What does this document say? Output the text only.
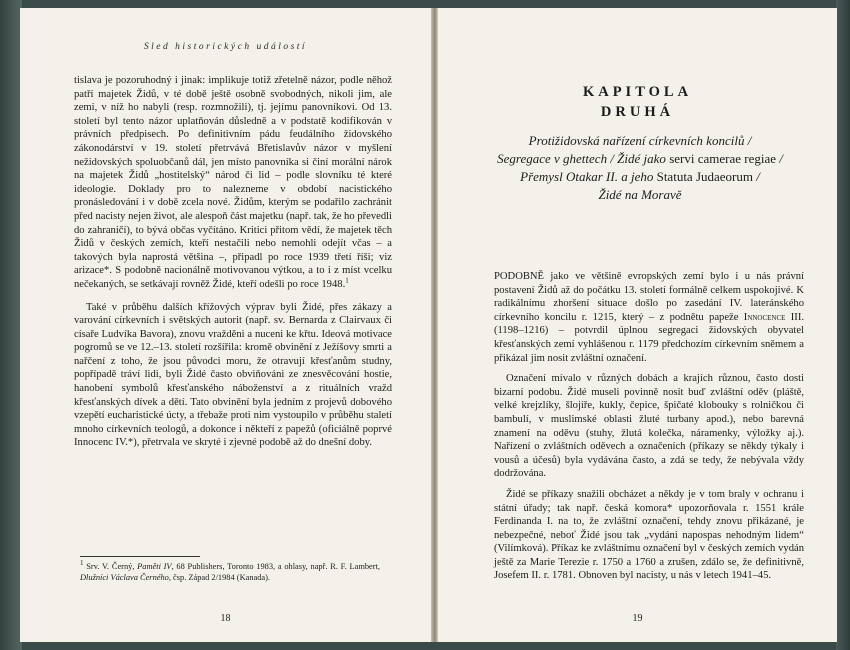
Sled historických událostí

tislava je pozoruhodný i jinak: implikuje totiž zřetelně názor, podle něhož patří majetek Židů, v té době ještě osobně svobodných, nikoli jim, ale zemi, v níž ho nabyli (resp. rozmnožili), tj. jejímu panovníkovi. Od 13. století byl tento názor uplatňován důsledně a v podstatě kodifikován v právních předpisech. Po definitivním pádu feudálního židovského zákonodárství v 19. století přetrvává Břetislavův názor v myšlení nežidovských spoluobčanů dál, jen místo panovníka si činí morální nárok na majetek Židů „hostitelský“ národ či lid – podle slovníku té které ideologie. Doklady pro to nalezneme v období nacistického pronásledování i v době zcela nové. Židům, kterým se podařilo zachránit před nacisty nejen život, ale alespoň část majetku (např. tak, že ho převedli do zahraničí), to bývá občas vyčítáno. Kritici přitom vědí, že majetek těch Židů v českých zemích, kteří nestačili nebo nemohli odejít včas – a takových byla naprostá většina –, připadl po roce 1939 třetí říši; viz arizace*. S podobně nacionálně motivovanou výtkou, a to i z míst vcelku nečekaných, se setkávají rovněž Židé, kteří odešli po roce 1948.$^1$

Také v průběhu dalších křížových výprav byli Židé, přes zákazy a varování církevních i světských autorit (např. sv. Bernarda z Clairvaux či císaře Ludvíka Bavora), znovu vražděni a nuceni ke křtu. Ideová motivace pogromů se ve 12.–13. století rozšířila: kromě obvinění z Ježíšovy smrti a nařčení z toho, že jsou původci moru, že otravují křesťanům studny, popřípadě tráví lidi, byli Židé často obviňováni ze znesvěcování hostie, hanobení symbolů křesťanského náboženství a z rituálních vražd křesťanských dívek a dětí. Tato obvinění byla jedním z projevů dobového vzepětí eucharistické úcty, a třebaže proti nim vystoupilo v průběhu staletí mnoho církevních teologů, a dokonce i někteří z papežů (oficiálně poprvé Innocenc IV.*), přetrvala ve skryté i zjevné podobě až do dnešní doby.

$^1$ Srv. V. Černý, Paměti IV, 68 Publishers, Toronto 1983, a ohlasy, např. R. F. Lambert, Dlužníci Václava Černého, čsp. Západ 2/1984 (Kanada).
18
KAPITOLA
DRUHÁ
Protižidovská nařízení církevních koncilů /
Segregace v ghettech / Židé jako servi camerae regiae /
Přemysl Otakar II. a jeho Statuta Judaeorum /
Židé na Moravě

PODOBNĚ jako ve většině evropských zemí bylo i u nás právní postavení Židů až do počátku 13. století formálně celkem uspokojivé. K radikálnímu zhoršení situace došlo po zasedání IV. lateránského církevního koncilu r. 1215, který – z podnětu papeže Innocence III. (1198–1216) – potvrdil úplnou segregaci židovských obyvatel křesťanských zemí vyhlášenou r. 1179 předchozím církevním sněmem a přikázal jim nosit zvláštní označení.

Označení mívalo v různých dobách a krajích různou, často dosti bizarní podobu. Židé museli povinně nosit buď zvláštní oděv (pláště, velké krejzlíky, šlojíře, kukly, čepice, špičaté klobouky s rolničkou či bambulí, v muslimské oblasti žluté turbany apod.), nebo barevná znamení na oděvu (stuhy, žlutá kolečka, náramenky, výložky aj.). Nařízení o zvláštních oděvech a označeních (příkazy se někdy týkaly i vousů a účesů) byla vydávána často, a zdá se tedy, že nebývala vždy dodržována.

Židé se příkazy snažili obcházet a někdy je v tom braly v ochranu i státní úřady; tak např. česká komora* upozorňovala r. 1551 krále Ferdinanda I. na to, že zvláštní označení, tehdy znovu přikázané, je nebezpečné, neboť Židé jsou tak „vydáni napospas nehodným lidem“ (Vilímková). Příkaz ke zvláštnímu označení byl v českých zemích vydán ještě za Marie Terezie r. 1750 a 1760 a zrušen, zdálo se, že definitivně, Josefem II. r. 1781. Obnoven byl nacisty, u nás v letech 1941–45.

19
